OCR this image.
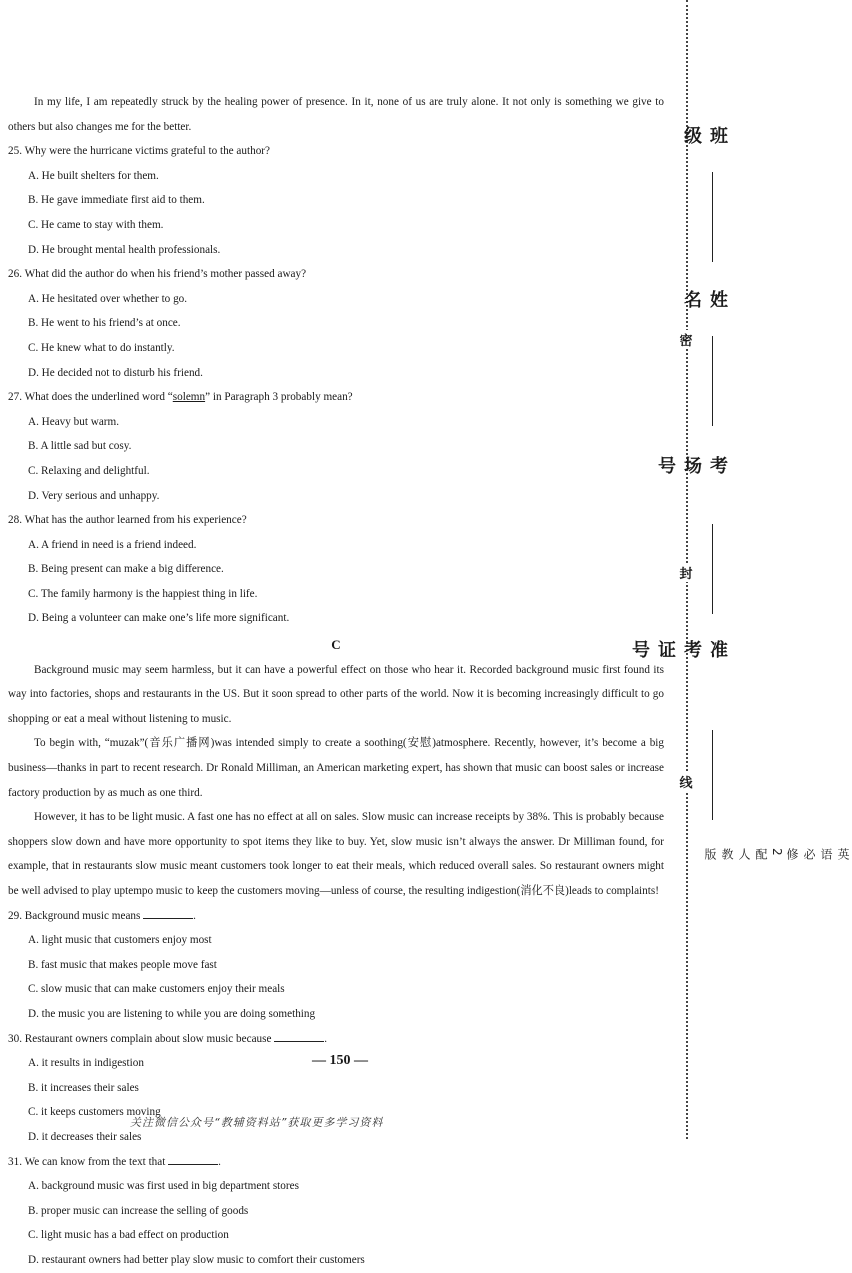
In my life, I am repeatedly struck by the healing power of presence. In it, none of us are truly alone. It not only is something we give to others but also changes me for the better.

25. Why were the hurricane victims grateful to the author?

A. He built shelters for them.
B. He gave immediate first aid to them.
C. He came to stay with them.
D. He brought mental health professionals.

26. What did the author do when his friend’s mother passed away?

A. He hesitated over whether to go.
B. He went to his friend’s at once.
C. He knew what to do instantly.
D. He decided not to disturb his friend.

27. What does the underlined word “solemn” in Paragraph 3 probably mean?

A. Heavy but warm.
B. A little sad but cosy.
C. Relaxing and delightful.
D. Very serious and unhappy.

28. What has the author learned from his experience?

A. A friend in need is a friend indeed.
B. Being present can make a big difference.
C. The family harmony is the happiest thing in life.
D. Being a volunteer can make one’s life more significant.

C

Background music may seem harmless, but it can have a powerful effect on those who hear it. Recorded background music first found its way into factories, shops and restaurants in the US. But it soon spread to other parts of the world. Now it is becoming increasingly difficult to go shopping or eat a meal without listening to music.

To begin with, “muzak”(音乐广播网)was intended simply to create a soothing(安慰)atmosphere. Recently, however, it’s become a big business—thanks in part to recent research. Dr Ronald Milliman, an American marketing expert, has shown that music can boost sales or increase factory production by as much as one third.

However, it has to be light music. A fast one has no effect at all on sales. Slow music can increase receipts by 38%. This is probably because shoppers slow down and have more opportunity to spot items they like to buy. Yet, slow music isn’t always the answer. Dr Milliman found, for example, that in restaurants slow music meant customers took longer to eat their meals, which reduced overall sales. So restaurant owners might be well advised to play uptempo music to keep the customers moving—unless of course, the resulting indigestion(消化不良)leads to complaints!

29. Background music means	.

A. light music that customers enjoy most
B. fast music that makes people move fast
C. slow music that can make customers enjoy their meals
D. the music you are listening to while you are doing something

30. Restaurant owners complain about slow music because	.

A. it results in indigestion
B. it increases their sales
C. it keeps customers moving
D. it decreases their sales

31. We can know from the text that	.

A. background music was first used in big department stores
B. proper music can increase the selling of goods
C. light music has a bad effect on production
D. restaurant owners had better play slow music to comfort their customers
— 150 —
关注微信公众号“教辅资料站”获取更多学习资料
班级
姓名
考场号
准考证号
密
封
线
英语 必修2 配人教版
